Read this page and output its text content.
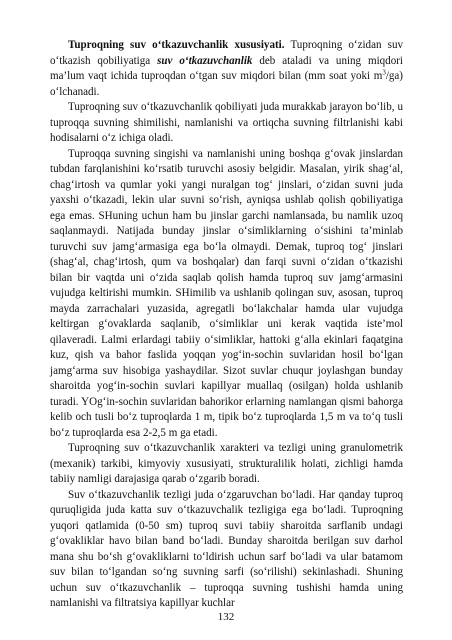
Tuproqning suv o‘tkazuvchanlik xususiyati. Tuproqning o‘zidan suv o‘tkazish qobiliyatiga suv o‘tkazuvchanlik deb ataladi va uning miqdori ma’lum vaqt ichida tuproqdan o‘tgan suv miqdori bilan (mm soat yoki $m^3/ga$) o‘lchanadi.

Tuproqning suv o‘tkazuvchanlik qobiliyati juda murakkab jarayon bo‘lib, u tuproqqa suvning shimilishi, namlanishi va ortiqcha suvning filtrlanishi kabi hodisalarni o‘z ichiga oladi.

Tuproqqa suvning singishi va namlanishi uning boshqa g‘ovak jinslardan tubdan farqlanishini ko‘rsatib turuvchi asosiy belgidir. Masalan, yirik shag‘al, chag‘irtosh va qumlar yoki yangi nuralgan tog‘ jinslari, o‘zidan suvni juda yaxshi o‘tkazadi, lekin ular suvni so‘rish, ayniqsa ushlab qolish qobiliyatiga ega emas. SHuning uchun ham bu jinslar garchi namlansada, bu namlik uzoq saqlanmaydi. Natijada bunday jinslar o‘simliklarning o‘sishini ta’minlab turuvchi suv jamg‘armasiga ega bo‘la olmaydi. Demak, tuproq tog‘ jinslari (shag‘al, chag‘irtosh, qum va boshqalar) dan farqi suvni o‘zidan o‘tkazishi bilan bir vaqtda uni o‘zida saqlab qolish hamda tuproq suv jamg‘armasini vujudga keltirishi mumkin. SHimilib va ushlanib qolingan suv, asosan, tuproq mayda zarrachalari yuzasida, agregatli bo‘lakchalar hamda ular vujudga keltirgan g‘ovaklarda saqlanib, o‘simliklar uni kerak vaqtida iste’mol qilaveradi. Lalmi erlardagi tabiiy o‘simliklar, hattoki g‘alla ekinlari faqatgina kuz, qish va bahor faslida yoqqan yog‘in-sochin suvlaridan hosil bo‘lgan jamg‘arma suv hisobiga yashaydilar. Sizot suvlar chuqur joylashgan bunday sharoitda yog‘in-sochin suvlari kapillyar muallaq (osilgan) holda ushlanib turadi. YOg‘in-sochin suvlaridan bahorikor erlarning namlangan qismi bahorga kelib och tusli bo‘z tuproqlarda 1 m, tipik bo‘z tuproqlarda 1,5 m va to‘q tusli bo‘z tuproqlarda esa 2-2,5 m ga etadi.

Tuproqning suv o‘tkazuvchanlik xarakteri va tezligi uning granulometrik (mexanik) tarkibi, kimyoviy xususiyati, strukturalilik holati, zichligi hamda tabiiy namligi darajasiga qarab o‘zgarib boradi.

Suv o‘tkazuvchanlik tezligi juda o‘zgaruvchan bo‘ladi. Har qanday tuproq quruqligida juda katta suv o‘tkazuvchalik tezligiga ega bo‘ladi. Tuproqning yuqori qatlamida (0-50 sm) tuproq suvi tabiiy sharoitda sarflanib undagi g‘ovakliklar havo bilan band bo‘ladi. Bunday sharoitda berilgan suv darhol mana shu bo‘sh g‘ovakliklarni to‘ldirish uchun sarf bo‘ladi va ular batamom suv bilan to‘lgandan so‘ng suvning sarfi (so‘rilishi) sekinlashadi. Shuning uchun suv o‘tkazuvchanlik – tuproqqa suvning tushishi hamda uning namlanishi va filtratsiya kapillyar kuchlar

132
